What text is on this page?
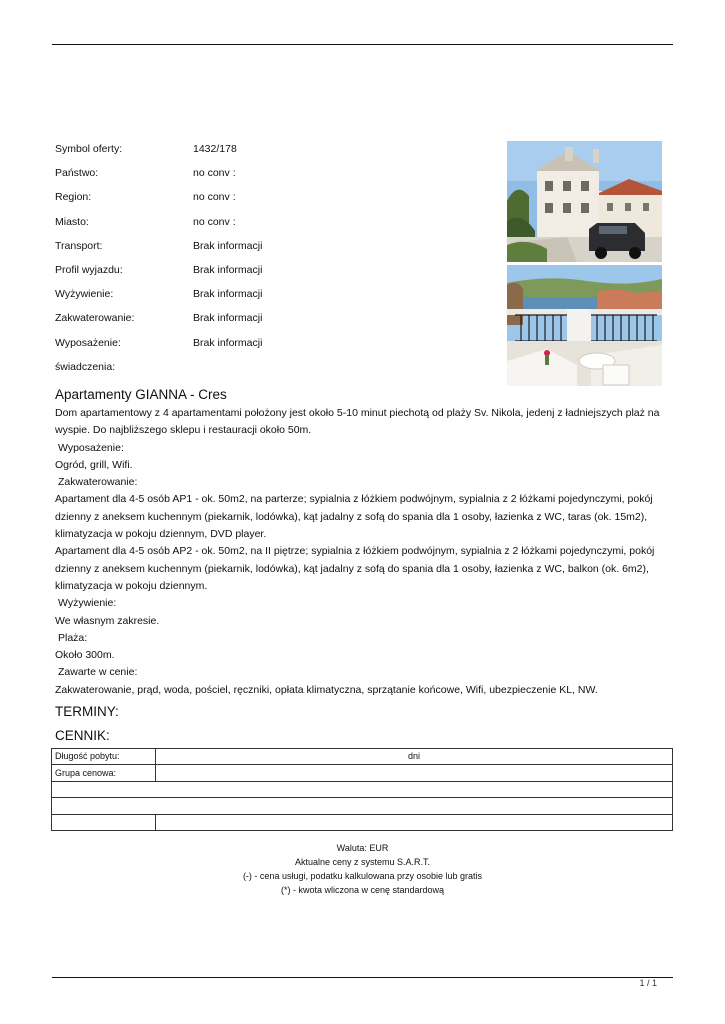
Symbol oferty:	1432/178
Państwo:	no conv :
Region:	no conv :
Miasto:	no conv :
Transport:	Brak informacji
Profil wyjazdu:	Brak informacji
Wyżywienie:	Brak informacji
Zakwaterowanie:	Brak informacji
Wyposażenie:	Brak informacji
świadczenia:
Apartamenty GIANNA - Cres

Dom apartamentowy z 4 apartamentami położony jest około 5-10 minut piechotą od plaży Sv. Nikola, jedenj z ładniejszych plaż na wyspie. Do najbliższego sklepu i restauracji około 50m.

Wyposażenie:

Ogród, grill, Wifi.

Zakwaterowanie:

Apartament dla 4-5 osób AP1 - ok. 50m2, na parterze; sypialnia z łóżkiem podwójnym, sypialnia z 2 łóżkami pojedynczymi, pokój dzienny z aneksem kuchennym (piekarnik, lodówka), kąt jadalny z sofą do spania dla 1 osoby, łazienka z WC, taras (ok. 15m2), klimatyzacja w pokoju dziennym, DVD player.

Apartament dla 4-5 osób AP2 - ok. 50m2, na II piętrze; sypialnia z łóżkiem podwójnym, sypialnia z 2 łóżkami pojedynczymi, pokój dzienny z aneksem kuchennym (piekarnik, lodówka), kąt jadalny z sofą do spania dla 1 osoby, łazienka z WC, balkon (ok. 6m2), klimatyzacja w pokoju dziennym.

Wyżywienie:

We własnym zakresie.

Plaża:

Około 300m.

Zawarte w cenie:

Zakwaterowanie, prąd, woda, pościel, ręczniki, opłata klimatyczna, sprzątanie końcowe, Wifi, ubezpieczenie KL, NW.

TERMINY:
CENNIK:
Długość pobytu:	dni
Grupa cenowa:	

Waluta: EUR
Aktualne ceny z systemu S.A.R.T.
(-) - cena usługi, podatku kalkulowana przy osobie lub gratis
(*) - kwota wliczona w cenę standardową
1 / 1
